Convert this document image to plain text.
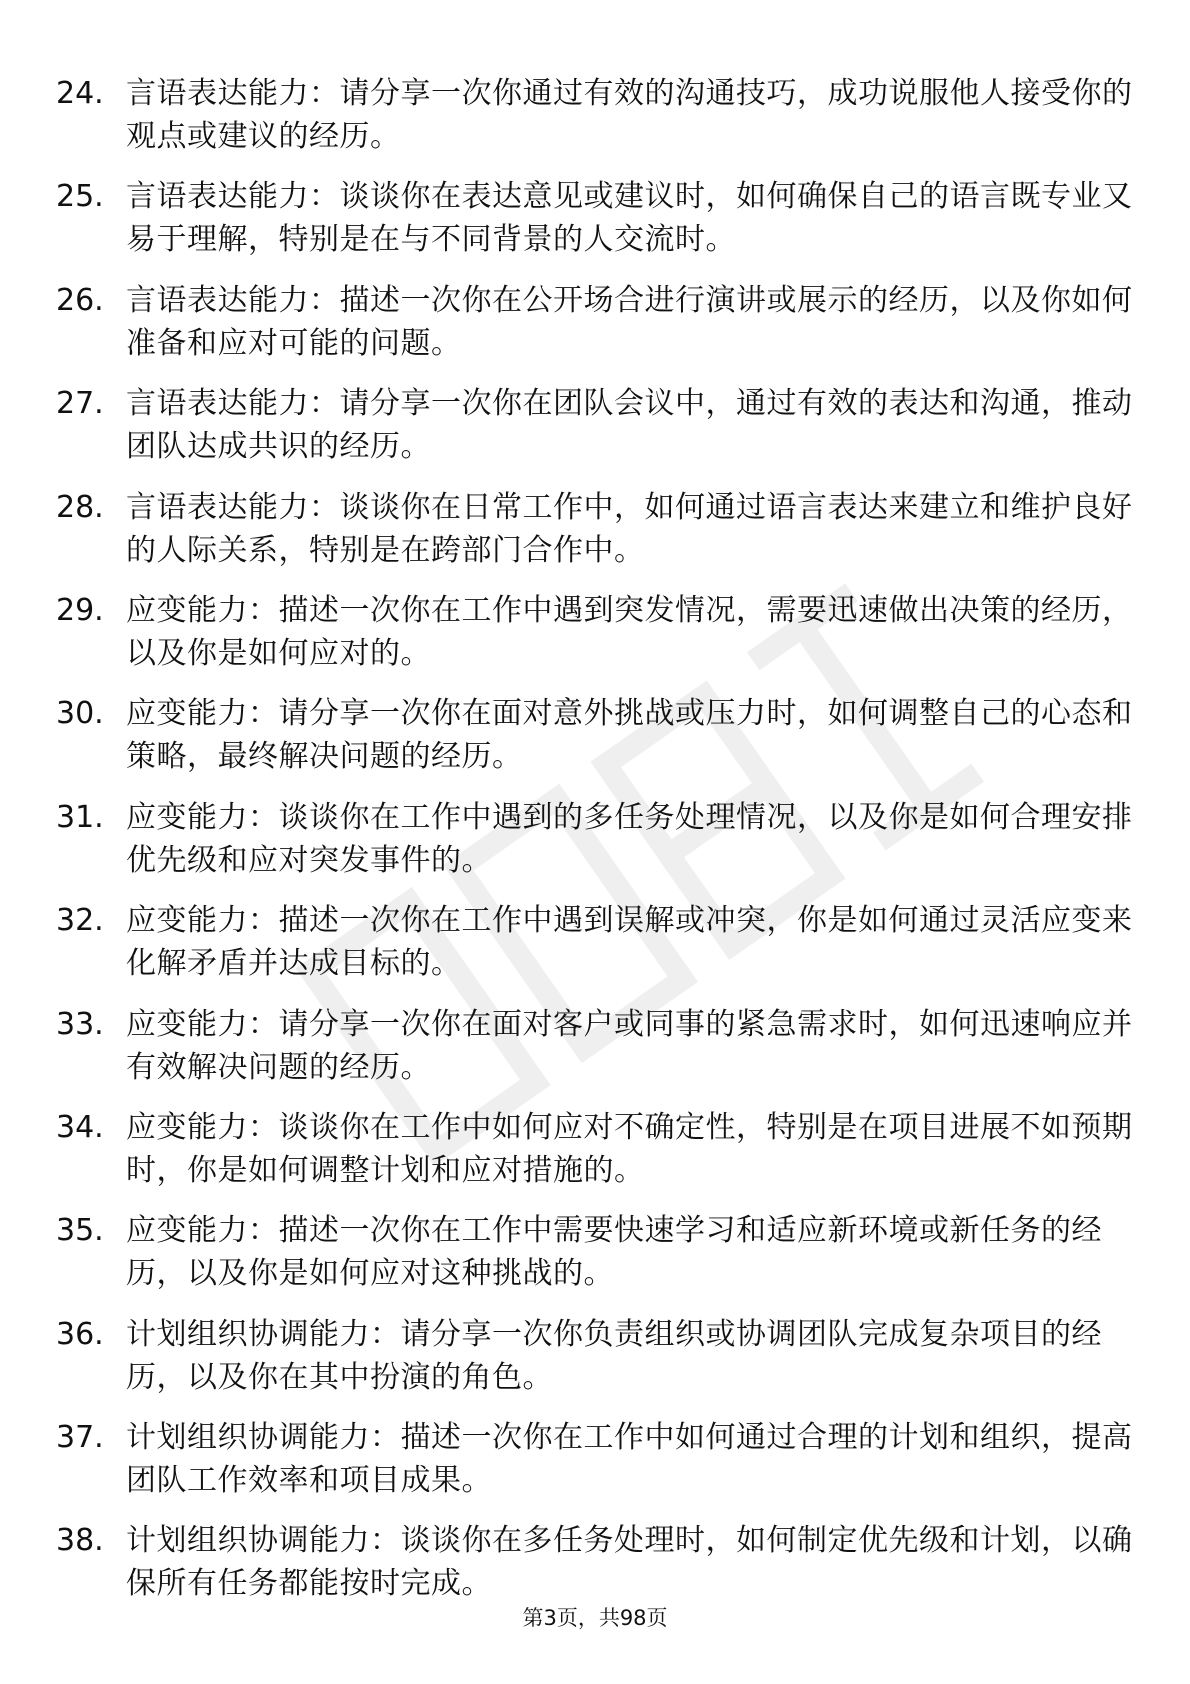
24. 言语表达能力：请分享一次你通过有效的沟通技巧，成功说服他人接受你的观点或建议的经历。
25. 言语表达能力：谈谈你在表达意见或建议时，如何确保自己的语言既专业又易于理解，特别是在与不同背景的人交流时。
26. 言语表达能力：描述一次你在公开场合进行演讲或展示的经历，以及你如何准备和应对可能的问题。
27. 言语表达能力：请分享一次你在团队会议中，通过有效的表达和沟通，推动团队达成共识的经历。
28. 言语表达能力：谈谈你在日常工作中，如何通过语言表达来建立和维护良好的人际关系，特别是在跨部门合作中。
29. 应变能力：描述一次你在工作中遇到突发情况，需要迅速做出决策的经历，以及你是如何应对的。
30. 应变能力：请分享一次你在面对意外挑战或压力时，如何调整自己的心态和策略，最终解决问题的经历。
31. 应变能力：谈谈你在工作中遇到的多任务处理情况，以及你是如何合理安排优先级和应对突发事件的。
32. 应变能力：描述一次你在工作中遇到误解或冲突，你是如何通过灵活应变来化解矛盾并达成目标的。
33. 应变能力：请分享一次你在面对客户或同事的紧急需求时，如何迅速响应并有效解决问题的经历。
34. 应变能力：谈谈你在工作中如何应对不确定性，特别是在项目进展不如预期时，你是如何调整计划和应对措施的。
35. 应变能力：描述一次你在工作中需要快速学习和适应新环境或新任务的经历，以及你是如何应对这种挑战的。
36. 计划组织协调能力：请分享一次你负责组织或协调团队完成复杂项目的经历，以及你在其中扮演的角色。
37. 计划组织协调能力：描述一次你在工作中如何通过合理的计划和组织，提高团队工作效率和项目成果。
38. 计划组织协调能力：谈谈你在多任务处理时，如何制定优先级和计划，以确保所有任务都能按时完成。
第3页，共98页
